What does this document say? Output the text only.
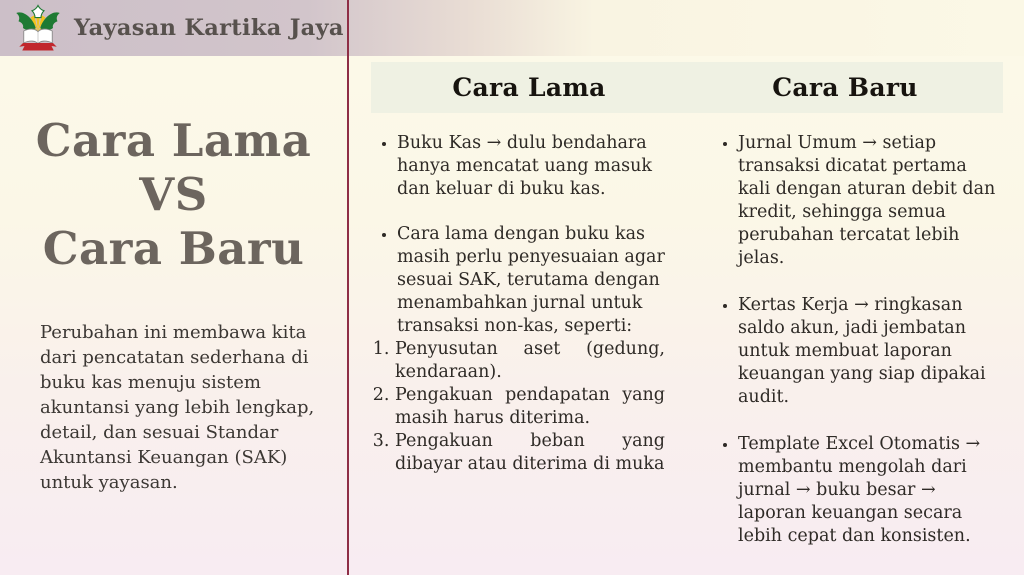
Cara Lama
VS
Cara Baru

Perubahan ini membawa kita dari pencatatan sederhana di buku kas menuju sistem akuntansi yang lebih lengkap, detail, dan sesuai Standar Akuntansi Keuangan (SAK) untuk yayasan.

Cara Lama	Cara Baru
• Buku Kas → dulu bendahara hanya mencatat uang masuk dan keluar di buku kas.
• Cara lama dengan buku kas masih perlu penyesuaian agar sesuai SAK, terutama dengan menambahkan jurnal untuk transaksi non-kas, seperti:
1. Penyusutan aset (gedung, kendaraan).
2. Pengakuan pendapatan yang masih harus diterima.
3. Pengakuan beban yang dibayar atau diterima di muka
• Jurnal Umum → setiap transaksi dicatat pertama kali dengan aturan debit dan kredit, sehingga semua perubahan tercatat lebih jelas.
• Kertas Kerja → ringkasan saldo akun, jadi jembatan untuk membuat laporan keuangan yang siap dipakai audit.
• Template Excel Otomatis → membantu mengolah dari jurnal → buku besar → laporan keuangan secara lebih cepat dan konsisten.
Yayasan Kartika Jaya
